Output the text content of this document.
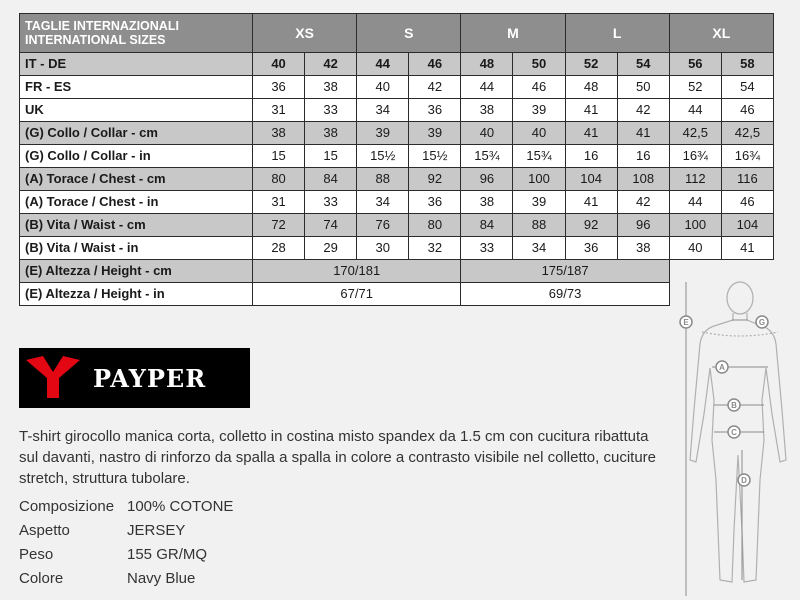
TAGLIE INTERNAZIONALI
INTERNATIONAL SIZES	XS		S		M		L		XL	
IT - DE	40	42	44	46	48	50	52	54	56	58
FR - ES	36	38	40	42	44	46	48	50	52	54
UK	31	33	34	36	38	39	41	42	44	46
(G) Collo / Collar - cm	38	38	39	39	40	40	41	41	42,5	42,5
(G) Collo / Collar - in	15	15	15½	15½	15¾	15¾	16	16	16¾	16¾
(A) Torace / Chest - cm	80	84	88	92	96	100	104	108	112	116
(A) Torace / Chest - in	31	33	34	36	38	39	41	42	44	46
(B) Vita / Waist - cm	72	74	76	80	84	88	92	96	100	104
(B) Vita / Waist - in	28	29	30	32	33	34	36	38	40	41
(E) Altezza / Height - cm	170/181				175/187					
(E) Altezza / Height - in	67/71				69/73					
PAYPER

T-shirt girocollo manica corta, colletto in costina misto spandex da 1.5 cm con cucitura ribattuta sul davanti, nastro di rinforzo da spalla a spalla in colore a contrasto visibile nel colletto, cuciture stretch, struttura tubolare.

Composizione 100% COTONE
Aspetto	JERSEY
Peso	155 GR/MQ
Colore	Navy Blue
E	G
A
B
C
D
